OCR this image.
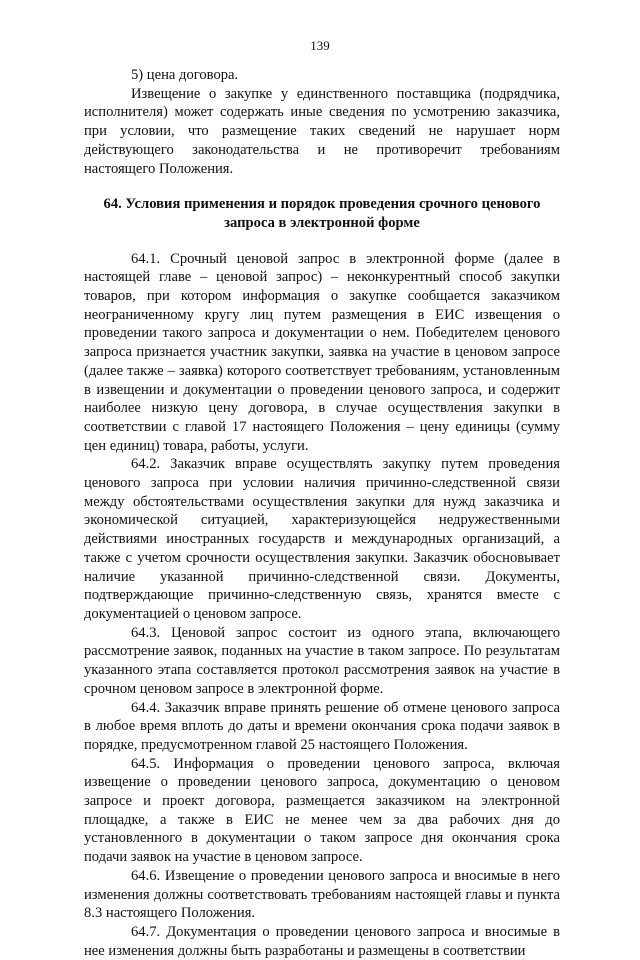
139

5) цена договора.

Извещение о закупке у единственного поставщика (подрядчика, исполнителя) может содержать иные сведения по усмотрению заказчика, при условии, что размещение таких сведений не нарушает норм действующего законодательства и не противоречит требованиям настоящего Положения.

64. Условия применения и порядок проведения срочного ценового запроса в электронной форме

64.1. Срочный ценовой запрос в электронной форме (далее в настоящей главе – ценовой запрос) – неконкурентный способ закупки товаров, при котором информация о закупке сообщается заказчиком неограниченному кругу лиц путем размещения в ЕИС извещения о проведении такого запроса и документации о нем. Победителем ценового запроса признается участник закупки, заявка на участие в ценовом запросе (далее также – заявка) которого соответствует требованиям, установленным в извещении и документации о проведении ценового запроса, и содержит наиболее низкую цену договора, в случае осуществления закупки в соответствии с главой 17 настоящего Положения – цену единицы (сумму цен единиц) товара, работы, услуги.

64.2. Заказчик вправе осуществлять закупку путем проведения ценового запроса при условии наличия причинно-следственной связи между обстоятельствами осуществления закупки для нужд заказчика и экономической ситуацией, характеризующейся недружественными действиями иностранных государств и международных организаций, а также с учетом срочности осуществления закупки. Заказчик обосновывает наличие указанной причинно-следственной связи. Документы, подтверждающие причинно-следственную связь, хранятся вместе с документацией о ценовом запросе.

64.3. Ценовой запрос состоит из одного этапа, включающего рассмотрение заявок, поданных на участие в таком запросе. По результатам указанного этапа составляется протокол рассмотрения заявок на участие в срочном ценовом запросе в электронной форме.

64.4. Заказчик вправе принять решение об отмене ценового запроса в любое время вплоть до даты и времени окончания срока подачи заявок в порядке, предусмотренном главой 25 настоящего Положения.

64.5. Информация о проведении ценового запроса, включая извещение о проведении ценового запроса, документацию о ценовом запросе и проект договора, размещается заказчиком на электронной площадке, а также в ЕИС не менее чем за два рабочих дня до установленного в документации о таком запросе дня окончания срока подачи заявок на участие в ценовом запросе.

64.6. Извещение о проведении ценового запроса и вносимые в него изменения должны соответствовать требованиям настоящей главы и пункта 8.3 настоящего Положения.

64.7. Документация о проведении ценового запроса и вносимые в нее изменения должны быть разработаны и размещены в соответствии
